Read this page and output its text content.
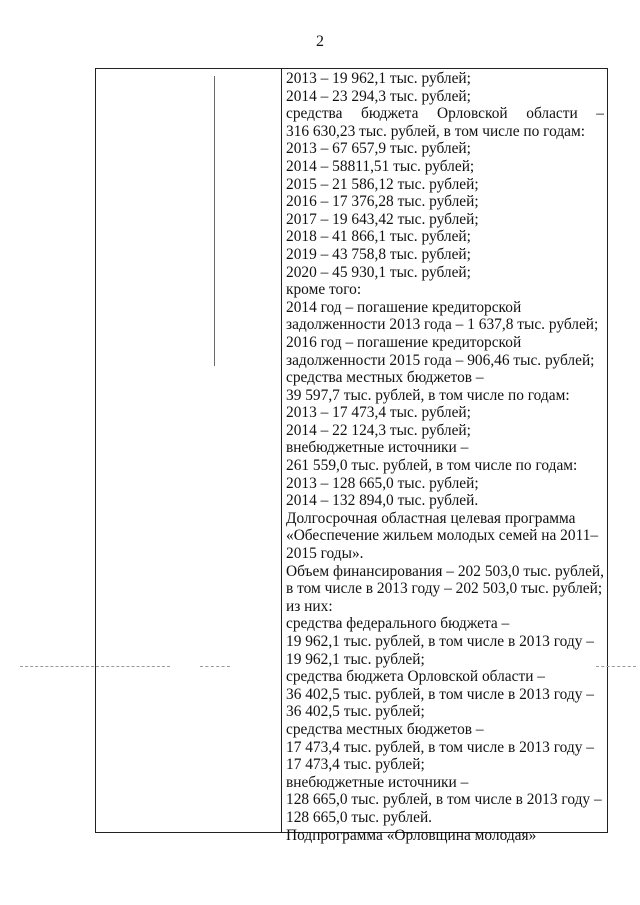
2
2013 – 19 962,1 тыс. рублей;
2014 – 23 294,3 тыс. рублей;
средства бюджета Орловской области –
316 630,23 тыс. рублей, в том числе по годам:
2013 – 67 657,9 тыс. рублей;
2014 – 58811,51 тыс. рублей;
2015 – 21 586,12 тыс. рублей;
2016 – 17 376,28 тыс. рублей;
2017 – 19 643,42 тыс. рублей;
2018 – 41 866,1 тыс. рублей;
2019 – 43 758,8 тыс. рублей;
2020 – 45 930,1 тыс. рублей;
кроме того:
2014 год – погашение кредиторской
задолженности 2013 года – 1 637,8 тыс. рублей;
2016 год – погашение кредиторской
задолженности 2015 года – 906,46 тыс. рублей;
средства местных бюджетов –
39 597,7 тыс. рублей, в том числе по годам:
2013 – 17 473,4 тыс. рублей;
2014 – 22 124,3 тыс. рублей;
внебюджетные источники –
261 559,0 тыс. рублей, в том числе по годам:
2013 – 128 665,0 тыс. рублей;
2014 – 132 894,0 тыс. рублей.
Долгосрочная областная целевая программа
«Обеспечение жильем молодых семей на 2011–
2015 годы».
Объем финансирования – 202 503,0 тыс. рублей,
в том числе в 2013 году – 202 503,0 тыс. рублей;
из них:
средства федерального бюджета –
19 962,1 тыс. рублей, в том числе в 2013 году –
19 962,1 тыс. рублей;
средства бюджета Орловской области –
36 402,5 тыс. рублей, в том числе в 2013 году –
36 402,5 тыс. рублей;
средства местных бюджетов –
17 473,4 тыс. рублей, в том числе в 2013 году –
17 473,4 тыс. рублей;
внебюджетные источники –
128 665,0 тыс. рублей, в том числе в 2013 году –
128 665,0 тыс. рублей.
Подпрограмма «Орловщина молодая»
